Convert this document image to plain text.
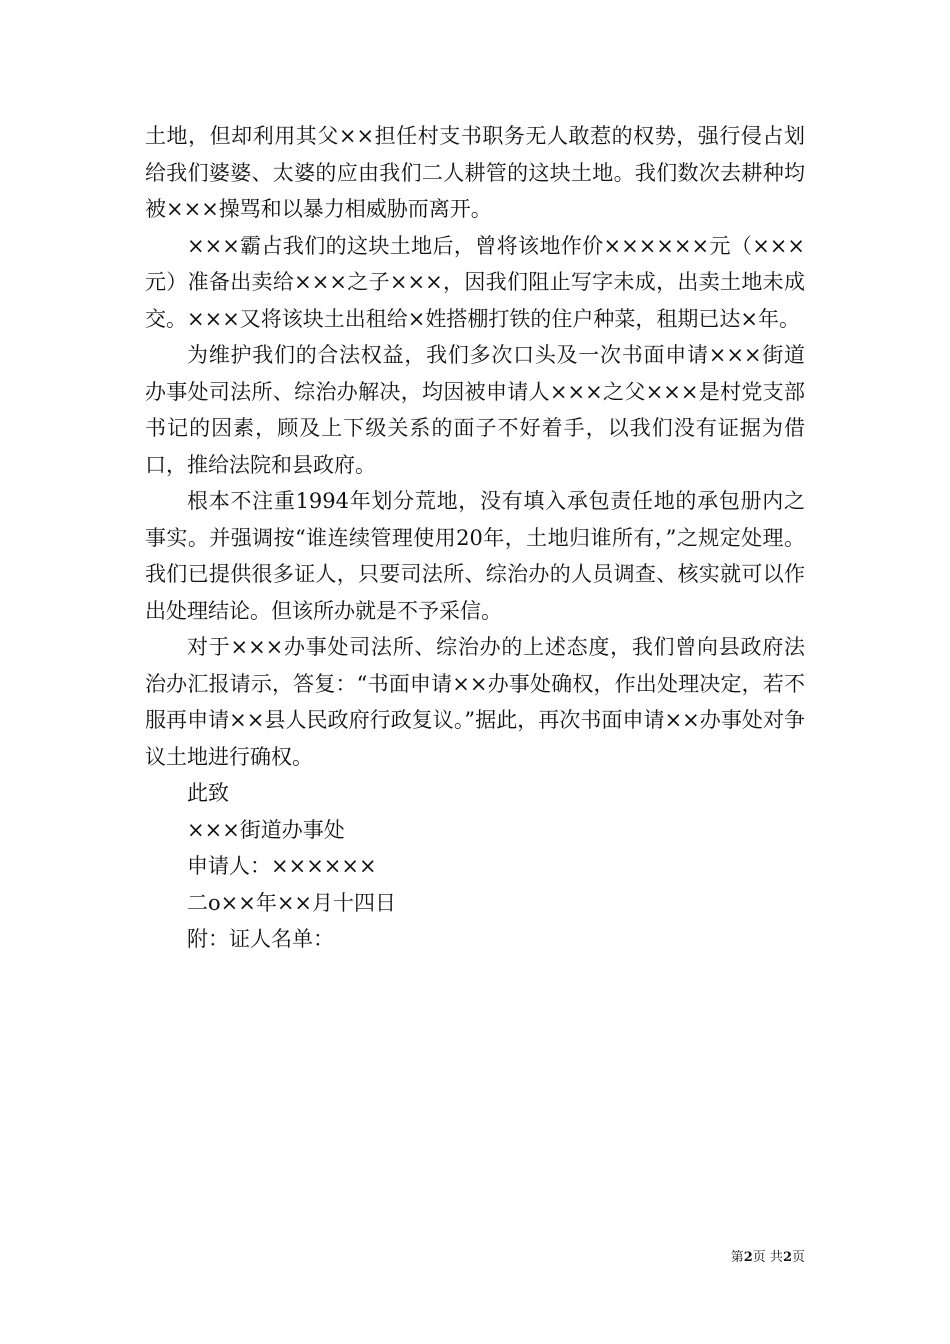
土地，但却利用其父××担任村支书职务无人敢惹的权势，强行侵占划给我们婆婆、太婆的应由我们二人耕管的这块土地。我们数次去耕种均被×××操骂和以暴力相威胁而离开。

×××霸占我们的这块土地后，曾将该地作价××××××元（×××元）准备出卖给×××之子×××，因我们阻止写字未成，出卖土地未成交。×××又将该块土出租给×姓搭棚打铁的住户种菜，租期已达×年。

为维护我们的合法权益，我们多次口头及一次书面申请×××街道办事处司法所、综治办解决，均因被申请人×××之父×××是村党支部书记的因素，顾及上下级关系的面子不好着手，以我们没有证据为借口，推给法院和县政府。

根本不注重1994年划分荒地，没有填入承包责任地的承包册内之事实。并强调按“谁连续管理使用20年，土地归谁所有，”之规定处理。我们已提供很多证人，只要司法所、综治办的人员调查、核实就可以作出处理结论。但该所办就是不予采信。

对于×××办事处司法所、综治办的上述态度，我们曾向县政府法治办汇报请示，答复：“书面申请××办事处确权，作出处理决定，若不服再申请××县人民政府行政复议。”据此，再次书面申请××办事处对争议土地进行确权。

此致

×××街道办事处

申请人：××××××

二o××年××月十四日

附：证人名单：

第2页 共2页
